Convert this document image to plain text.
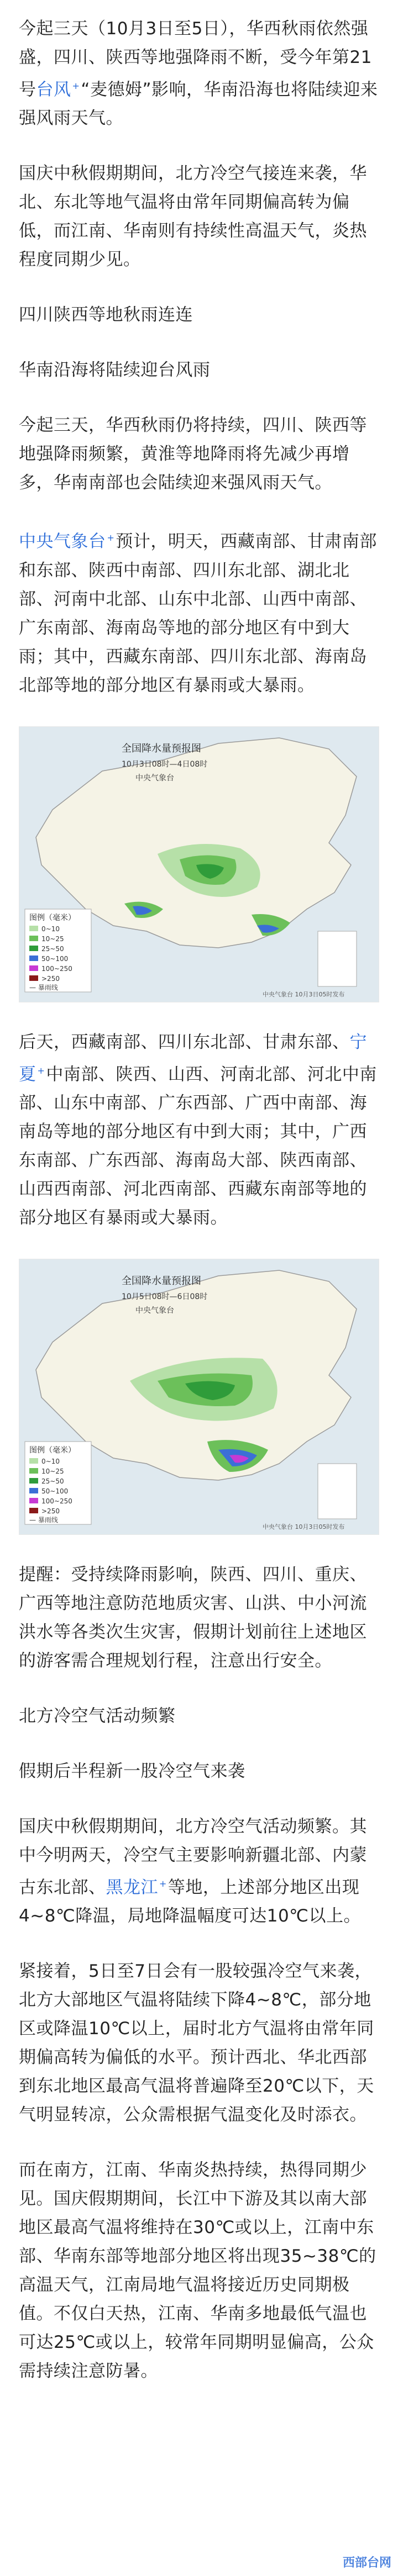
今起三天（10月3日至5日），华西秋雨依然强盛，四川、陕西等地强降雨不断，受今年第21号台风 +“麦德姆”影响，华南沿海也将陆续迎来强风雨天气。

国庆中秋假期期间，北方冷空气接连来袭，华北、东北等地气温将由常年同期偏高转为偏低，而江南、华南则有持续性高温天气，炎热程度同期少见。

四川陕西等地秋雨连连

华南沿海将陆续迎台风雨

今起三天，华西秋雨仍将持续，四川、陕西等地强降雨频繁，黄淮等地降雨将先减少再增多，华南南部也会陆续迎来强风雨天气。

中央气象台 +预计，明天，西藏南部、甘肃南部和东部、陕西中南部、四川东北部、湖北北部、河南中北部、山东中北部、山西中南部、广东南部、海南岛等地的部分地区有中到大雨；其中，西藏东南部、四川东北部、海南岛北部等地的部分地区有暴雨或大暴雨。

全国降水量预报图
10月3日08时—4日08时
中央气象台
图例（毫米）
0~10
10~25
25~50
50~100
100~250
>250
— 暴雨线
中央气象台 10月3日05时发布

后天，西藏南部、四川东北部、甘肃东部、宁夏 +中南部、陕西、山西、河南北部、河北中南部、山东中南部、广东西部、广西中南部、海南岛等地的部分地区有中到大雨；其中，广西东南部、广东西部、海南岛大部、陕西南部、山西西南部、河北西南部、西藏东南部等地的部分地区有暴雨或大暴雨。

全国降水量预报图
10月5日08时—6日08时
中央气象台
图例（毫米）
0~10
10~25
25~50
50~100
100~250
>250
— 暴雨线
中央气象台 10月3日05时发布

提醒：受持续降雨影响，陕西、四川、重庆、广西等地注意防范地质灾害、山洪、中小河流洪水等各类次生灾害，假期计划前往上述地区的游客需合理规划行程，注意出行安全。

北方冷空气活动频繁

假期后半程新一股冷空气来袭

国庆中秋假期期间，北方冷空气活动频繁。其中今明两天，冷空气主要影响新疆北部、内蒙古东北部、黑龙江 +等地，上述部分地区出现4~8℃降温，局地降温幅度可达10℃以上。

紧接着，5日至7日会有一股较强冷空气来袭，北方大部地区气温将陆续下降4~8℃，部分地区或降温10℃以上，届时北方气温将由常年同期偏高转为偏低的水平。预计西北、华北西部到东北地区最高气温将普遍降至20℃以下，天气明显转凉，公众需根据气温变化及时添衣。

而在南方，江南、华南炎热持续，热得同期少见。国庆假期期间，长江中下游及其以南大部地区最高气温将维持在30℃或以上，江南中东部、华南东部等地部分地区将出现35~38℃的高温天气，江南局地气温将接近历史同期极值。不仅白天热，江南、华南多地最低气温也可达25℃或以上，较常年同期明显偏高，公众需持续注意防暑。

西部台网
